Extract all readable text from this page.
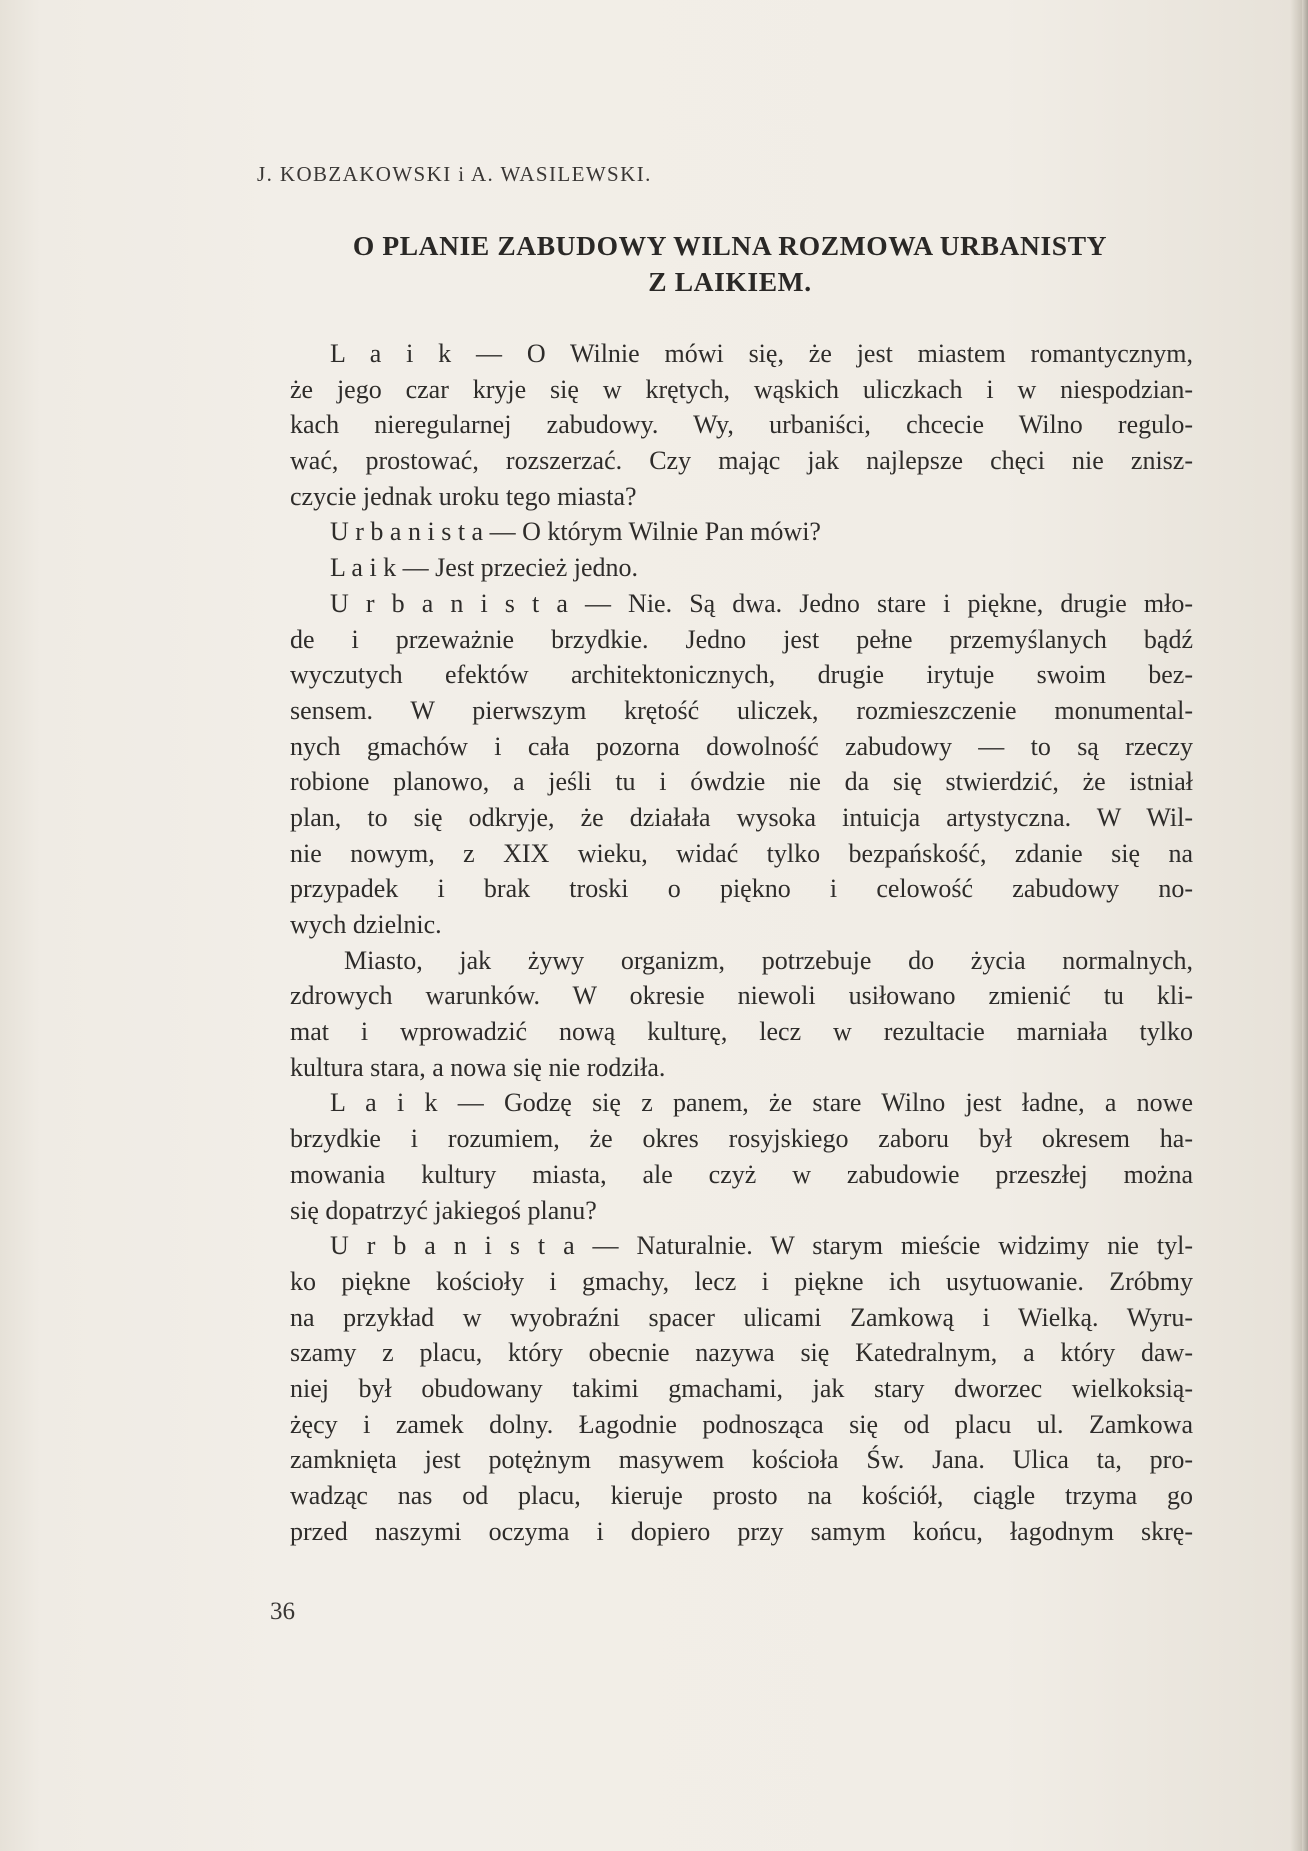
J. KOBZAKOWSKI i A. WASILEWSKI.
O PLANIE ZABUDOWY WILNA ROZMOWA URBANISTY
Z LAIKIEM.
L a i k — O Wilnie mówi się, że jest miastem romantycznym,
że jego czar kryje się w krętych, wąskich uliczkach i w niespodzian-
kach nieregularnej zabudowy. Wy, urbaniści, chcecie Wilno regulo-
wać, prostować, rozszerzać. Czy mając jak najlepsze chęci nie znisz-
czycie jednak uroku tego miasta?
U r b a n i s t a — O którym Wilnie Pan mówi?
L a i k — Jest przecież jedno.
U r b a n i s t a — Nie. Są dwa. Jedno stare i piękne, drugie mło-
de i przeważnie brzydkie. Jedno jest pełne przemyślanych bądź
wyczutych efektów architektonicznych, drugie irytuje swoim bez-
sensem. W pierwszym krętość uliczek, rozmieszczenie monumental-
nych gmachów i cała pozorna dowolność zabudowy — to są rzeczy
robione planowo, a jeśli tu i ówdzie nie da się stwierdzić, że istniał
plan, to się odkryje, że działała wysoka intuicja artystyczna. W Wil-
nie nowym, z XIX wieku, widać tylko bezpańskość, zdanie się na
przypadek i brak troski o piękno i celowość zabudowy no-
wych dzielnic.
Miasto, jak żywy organizm, potrzebuje do życia normalnych,
zdrowych warunków. W okresie niewoli usiłowano zmienić tu kli-
mat i wprowadzić nową kulturę, lecz w rezultacie marniała tylko
kultura stara, a nowa się nie rodziła.
L a i k — Godzę się z panem, że stare Wilno jest ładne, a nowe
brzydkie i rozumiem, że okres rosyjskiego zaboru był okresem ha-
mowania kultury miasta, ale czyż w zabudowie przeszłej można
się dopatrzyć jakiegoś planu?
U r b a n i s t a — Naturalnie. W starym mieście widzimy nie tyl-
ko piękne kościoły i gmachy, lecz i piękne ich usytuowanie. Zróbmy
na przykład w wyobraźni spacer ulicami Zamkową i Wielką. Wyru-
szamy z placu, który obecnie nazywa się Katedralnym, a który daw-
niej był obudowany takimi gmachami, jak stary dworzec wielkoksią-
żęcy i zamek dolny. Łagodnie podnosząca się od placu ul. Zamkowa
zamknięta jest potężnym masywem kościoła Św. Jana. Ulica ta, pro-
wadząc nas od placu, kieruje prosto na kościół, ciągle trzyma go
przed naszymi oczyma i dopiero przy samym końcu, łagodnym skrę-
36
